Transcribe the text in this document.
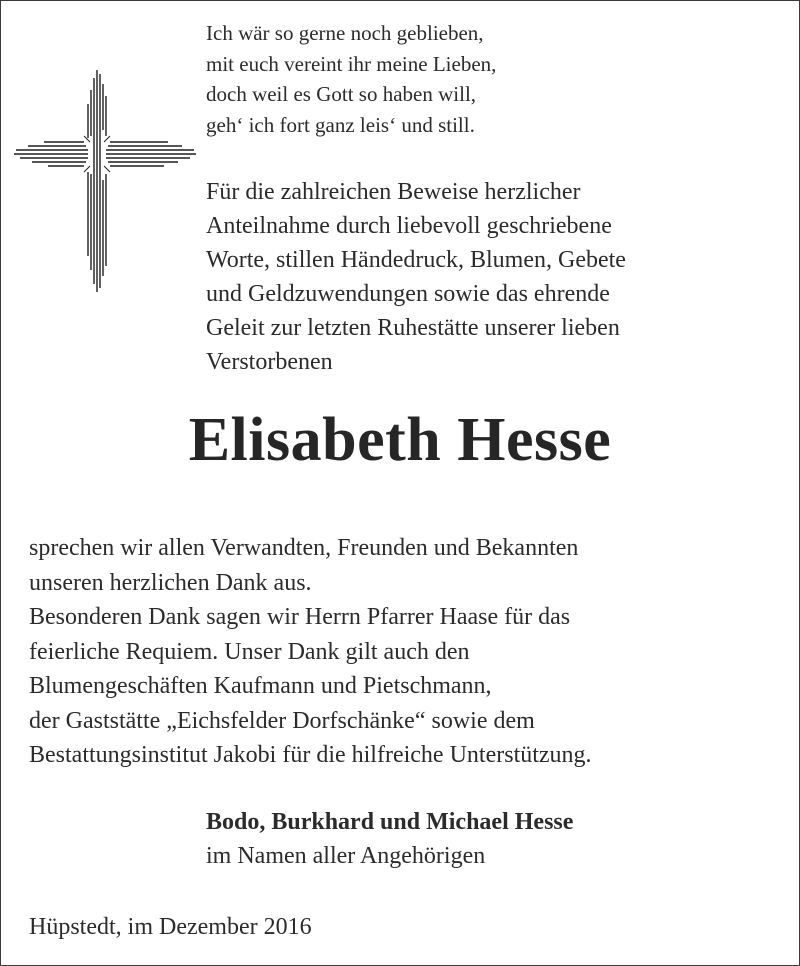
Ich wär so gerne noch geblieben,
mit euch vereint ihr meine Lieben,
doch weil es Gott so haben will,
geh‘ ich fort ganz leis‘ und still.
Für die zahlreichen Beweise herzlicher
Anteilnahme durch liebevoll geschriebene
Worte, stillen Händedruck, Blumen, Gebete
und Geldzuwendungen sowie das ehrende
Geleit zur letzten Ruhestätte unserer lieben
Verstorbenen
Elisabeth Hesse
sprechen wir allen Verwandten, Freunden und Bekannten
unseren herzlichen Dank aus.
Besonderen Dank sagen wir Herrn Pfarrer Haase für das
feierliche Requiem. Unser Dank gilt auch den
Blumengeschäften Kaufmann und Pietschmann,
der Gaststätte „Eichsfelder Dorfschänke“ sowie dem
Bestattungsinstitut Jakobi für die hilfreiche Unterstützung.
Bodo, Burkhard und Michael Hesse
im Namen aller Angehörigen
Hüpstedt, im Dezember 2016
